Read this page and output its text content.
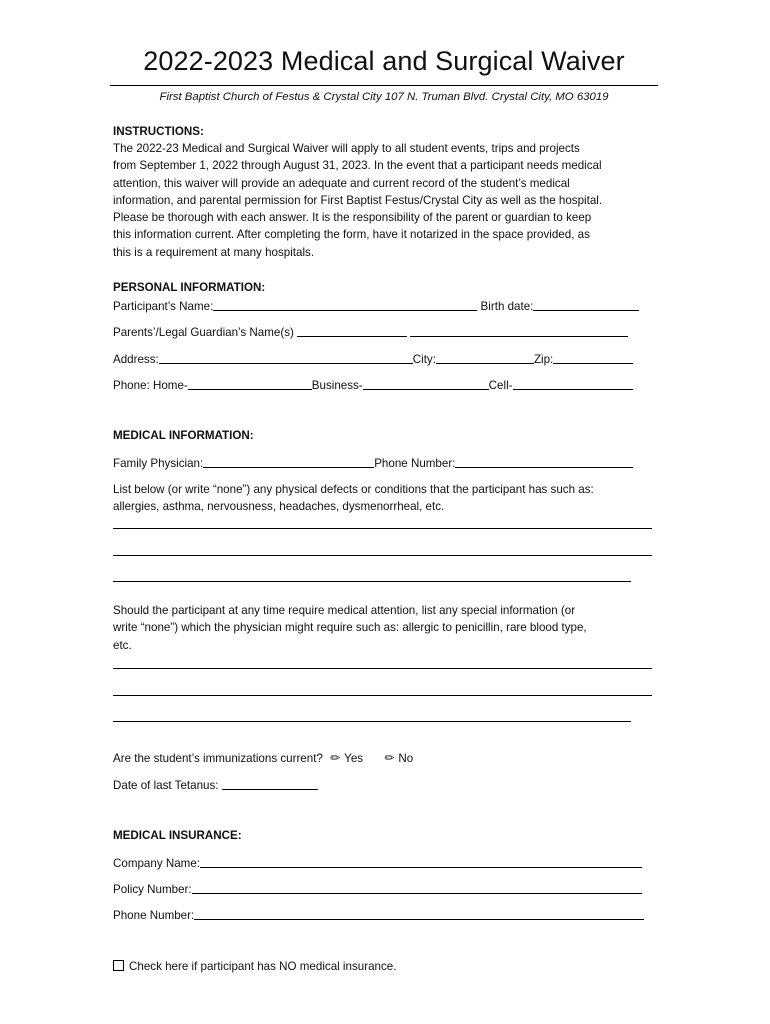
2022-2023 Medical and Surgical Waiver
First Baptist Church of Festus & Crystal City 107 N. Truman Blvd. Crystal City, MO 63019
INSTRUCTIONS:
The 2022-23 Medical and Surgical Waiver will apply to all student events, trips and projects
from September 1, 2022 through August 31, 2023. In the event that a participant needs medical
attention, this waiver will provide an adequate and current record of the student’s medical
information, and parental permission for First Baptist Festus/Crystal City as well as the hospital.
Please be thorough with each answer. It is the responsibility of the parent or guardian to keep
this information current. After completing the form, have it notarized in the space provided, as
this is a requirement at many hospitals.
PERSONAL INFORMATION:
Participant’s Name:	Birth date:
Parents’/Legal Guardian’s Name(s)
Address:	City:	Zip:
Phone: Home-	Business-	Cell-
MEDICAL INFORMATION:
Family Physician:	Phone Number:
List below (or write “none”) any physical defects or conditions that the participant has such as:
allergies, asthma, nervousness, headaches, dysmenorrheal, etc.
Should the participant at any time require medical attention, list any special information (or
write “none”) which the physician might require such as: allergic to penicillin, rare blood type,
etc.
Are the student’s immunizations current? ✏ Yes ✏ No
Date of last Tetanus:
MEDICAL INSURANCE:
Company Name:
Policy Number:
Phone Number:
Check here if participant has NO medical insurance.
